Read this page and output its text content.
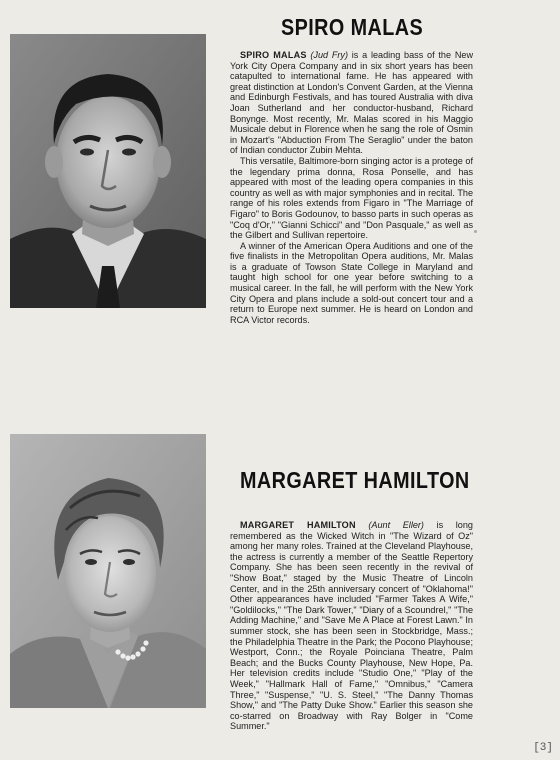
SPIRO MALAS

SPIRO MALAS (Jud Fry) is a leading bass of the New York City Opera Company and in six short years has been catapulted to international fame. He has appeared with great distinction at London's Convent Garden, at the Vienna and Edinburgh Festivals, and has toured Australia with diva Joan Sutherland and her conductor-husband, Richard Bonynge. Most recently, Mr. Malas scored in his Maggio Musicale debut in Florence when he sang the role of Osmin in Mozart's "Abduction From The Seraglio" under the baton of Indian conductor Zubin Mehta.

This versatile, Baltimore-born singing actor is a protege of the legendary prima donna, Rosa Ponselle, and has appeared with most of the leading opera companies in this country as well as with major symphonies and in recital. The range of his roles extends from Figaro in "The Marriage of Figaro" to Boris Godounov, to basso parts in such operas as "Coq d'Or," "Gianni Schicci" and "Don Pasquale," as well as the Gilbert and Sullivan repertoire.

A winner of the American Opera Auditions and one of the five finalists in the Metropolitan Opera auditions, Mr. Malas is a graduate of Towson State College in Maryland and taught high school for one year before switching to a musical career. In the fall, he will perform with the New York City Opera and plans include a sold-out concert tour and a return to Europe next summer. He is heard on London and RCA Victor records.

MARGARET HAMILTON

MARGARET HAMILTON (Aunt Eller) is long remembered as the Wicked Witch in "The Wizard of Oz" among her many roles. Trained at the Cleveland Playhouse, the actress is currently a member of the Seattle Repertory Company. She has been seen recently in the revival of "Show Boat," staged by the Music Theatre of Lincoln Center, and in the 25th anniversary concert of "Oklahoma!" Other appearances have included "Farmer Takes A Wife," "Goldilocks," "The Dark Tower," "Diary of a Scoundrel," "The Adding Machine," and "Save Me A Place at Forest Lawn." In summer stock, she has been seen in Stockbridge, Mass.; the Philadelphia Theatre in the Park; the Pocono Playhouse; Westport, Conn.; the Royale Poinciana Theatre, Palm Beach; and the Bucks County Playhouse, New Hope, Pa. Her television credits include "Studio One," "Play of the Week," "Hallmark Hall of Fame," "Omnibus," "Camera Three," "Suspense," "U. S. Steel," "The Danny Thomas Show," and "The Patty Duke Show." Earlier this season she co-starred on Broadway with Ray Bolger in "Come Summer."

[3]
